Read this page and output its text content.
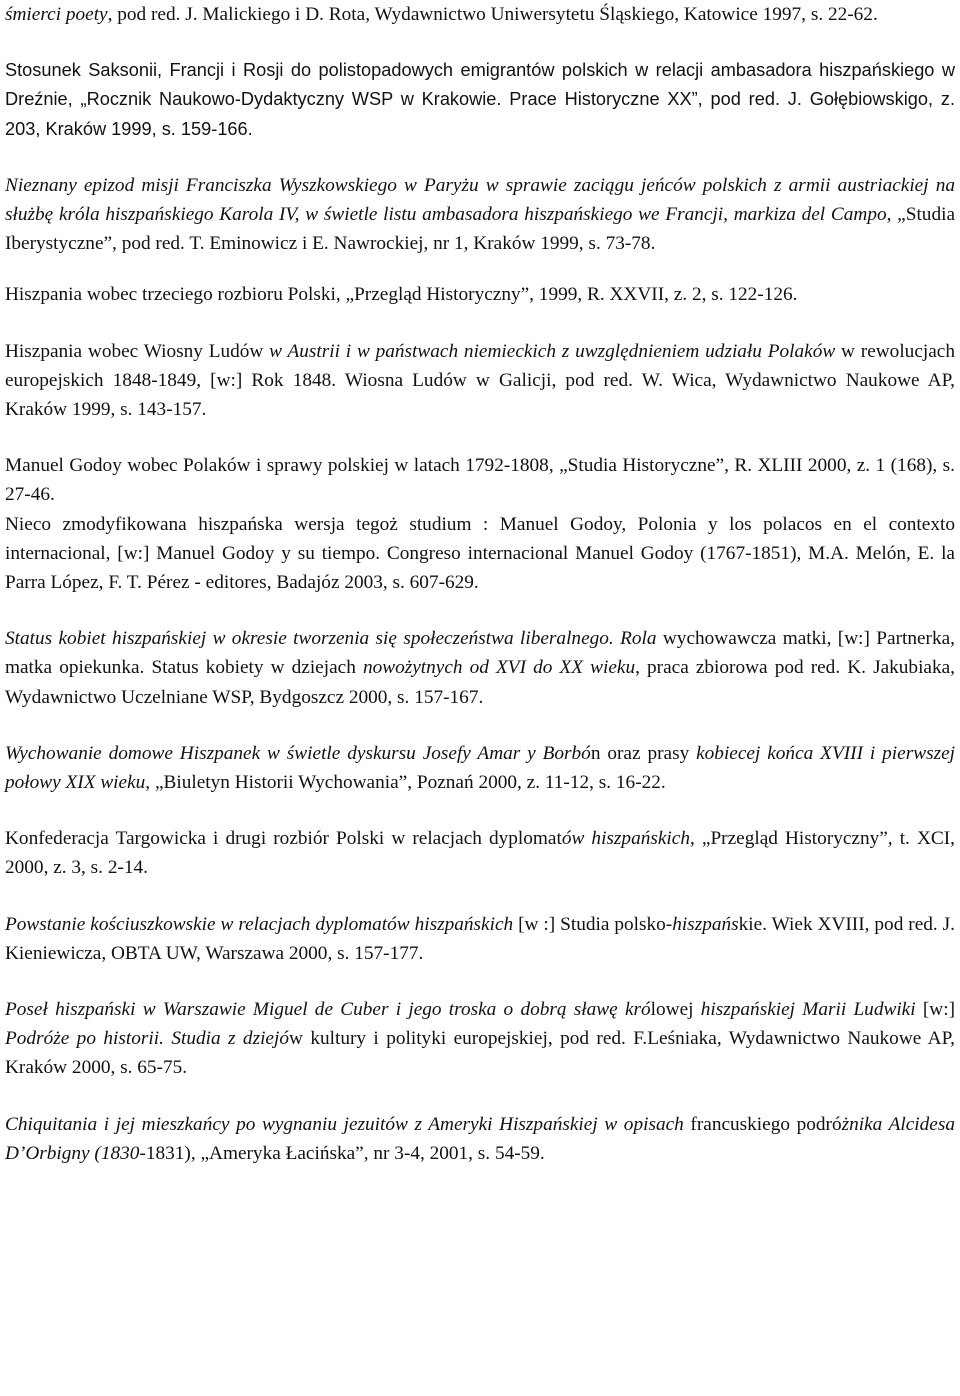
śmierci poety, pod red. J. Malickiego i D. Rota, Wydawnictwo Uniwersytetu Śląskiego, Katowice 1997, s. 22-62.

Stosunek Saksonii, Francji i Rosji do polistopadowych emigrantów polskich w relacji ambasadora hiszpańskiego w Dreźnie, „Rocznik Naukowo-Dydaktyczny WSP w Krakowie. Prace Historyczne XX”, pod red. J. Gołębiowskigo, z. 203, Kraków 1999, s. 159-166.

Nieznany epizod misji Franciszka Wyszkowskiego w Paryżu w sprawie zaciągu jeńców polskich z armii austriackiej na służbę króla hiszpańskiego Karola IV, w świetle listu ambasadora hiszpańskiego we Francji, markiza del Campo, „Studia Iberystyczne”, pod red. T. Eminowicz i E. Nawrockiej, nr 1, Kraków 1999, s. 73-78.

Hiszpania wobec trzeciego rozbioru Polski, „Przegląd Historyczny”, 1999, R. XXVII, z. 2, s. 122-126.

Hiszpania wobec Wiosny Ludów w Austrii i w państwach niemieckich z uwzględnieniem udziału Polaków w rewolucjach europejskich 1848-1849, [w:] Rok 1848. Wiosna Ludów w Galicji, pod red. W. Wica, Wydawnictwo Naukowe AP, Kraków 1999, s. 143-157.

Manuel Godoy wobec Polaków i sprawy polskiej w latach 1792-1808, „Studia Historyczne”, R. XLIII 2000, z. 1 (168), s. 27-46.

Nieco zmodyfikowana hiszpańska wersja tegoż studium : Manuel Godoy, Polonia y los polacos en el contexto internacional, [w:] Manuel Godoy y su tiempo. Congreso internacional Manuel Godoy (1767-1851), M.A. Melón, E. la Parra López, F. T. Pérez - editores, Badajóz 2003, s. 607-629.

Status kobiet hiszpańskiej w okresie tworzenia się społeczeństwa liberalnego. Rola wychowawcza matki, [w:] Partnerka, matka opiekunka. Status kobiety w dziejach nowożytnych od XVI do XX wieku, praca zbiorowa pod red. K. Jakubiaka, Wydawnictwo Uczelniane WSP, Bydgoszcz 2000, s. 157-167.

Wychowanie domowe Hiszpanek w świetle dyskursu Josefy Amar y Borbón oraz prasy kobiecej końca XVIII i pierwszej połowy XIX wieku, „Biuletyn Historii Wychowania”, Poznań 2000, z. 11-12, s. 16-22.

Konfederacja Targowicka i drugi rozbiór Polski w relacjach dyplomatów hiszpańskich, „Przegląd Historyczny”, t. XCI, 2000, z. 3, s. 2-14.

Powstanie kościuszkowskie w relacjach dyplomatów hiszpańskich [w :] Studia polsko-hiszpańskie. Wiek XVIII, pod red. J. Kieniewicza, OBTA UW, Warszawa 2000, s. 157-177.

Poseł hiszpański w Warszawie Miguel de Cuber i jego troska o dobrą sławę królowej hiszpańskiej Marii Ludwiki [w:] Podróże po historii. Studia z dziejów kultury i polityki europejskiej, pod red. F.Leśniaka, Wydawnictwo Naukowe AP, Kraków 2000, s. 65-75.

Chiquitania i jej mieszkańcy po wygnaniu jezuitów z Ameryki Hiszpańskiej w opisach francuskiego podróżnika Alcidesa D’Orbigny (1830-1831), „Ameryka Łacińska”, nr 3-4, 2001, s. 54-59.
